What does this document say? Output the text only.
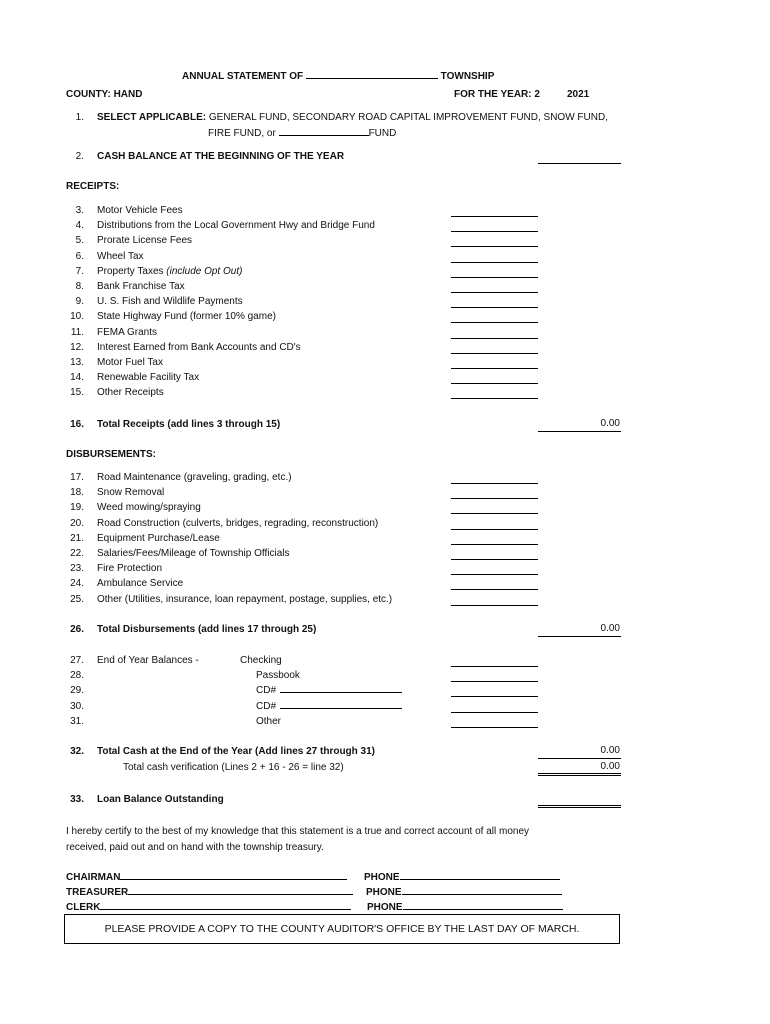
ANNUAL STATEMENT OF	TOWNSHIP
COUNTY: HAND	FOR THE YEAR: 2	2021
1. SELECT APPLICABLE: GENERAL FUND, SECONDARY ROAD CAPITAL IMPROVEMENT FUND, SNOW FUND,
FIRE FUND, or	FUND
2. CASH BALANCE AT THE BEGINNING OF THE YEAR
RECEIPTS:
3. Motor Vehicle Fees
4. Distributions from the Local Government Hwy and Bridge Fund
5. Prorate License Fees
6. Wheel Tax
7. Property Taxes (include Opt Out)
8. Bank Franchise Tax
9. U. S. Fish and Wildlife Payments
10. State Highway Fund (former 10% game)
11. FEMA Grants
12. Interest Earned from Bank Accounts and CD's
13. Motor Fuel Tax
14. Renewable Facility Tax
15. Other Receipts
16. Total Receipts (add lines 3 through 15)	0.00
DISBURSEMENTS:
17. Road Maintenance (graveling, grading, etc.)
18. Snow Removal
19. Weed mowing/spraying
20. Road Construction (culverts, bridges, regrading, reconstruction)
21. Equipment Purchase/Lease
22. Salaries/Fees/Mileage of Township Officials
23. Fire Protection
24. Ambulance Service
25. Other (Utilities, insurance, loan repayment, postage, supplies, etc.)
26. Total Disbursements (add lines 17 through 25)	0.00
End of Year Balances -
27.	Checking
28.	Passbook
29.	CD#
30.	CD#
31.	Other
32. Total Cash at the End of the Year (Add lines 27 through 31)	0.00
Total cash verification (Lines 2 + 16 - 26 = line 32)	0.00
33. Loan Balance Outstanding
I hereby certify to the best of my knowledge that this statement is a true and correct account of all money
received, paid out and on hand with the township treasury.
CHAIRMAN	PHONE
TREASURER	PHONE
CLERK	PHONE
PLEASE PROVIDE A COPY TO THE COUNTY AUDITOR'S OFFICE BY THE LAST DAY OF MARCH.
